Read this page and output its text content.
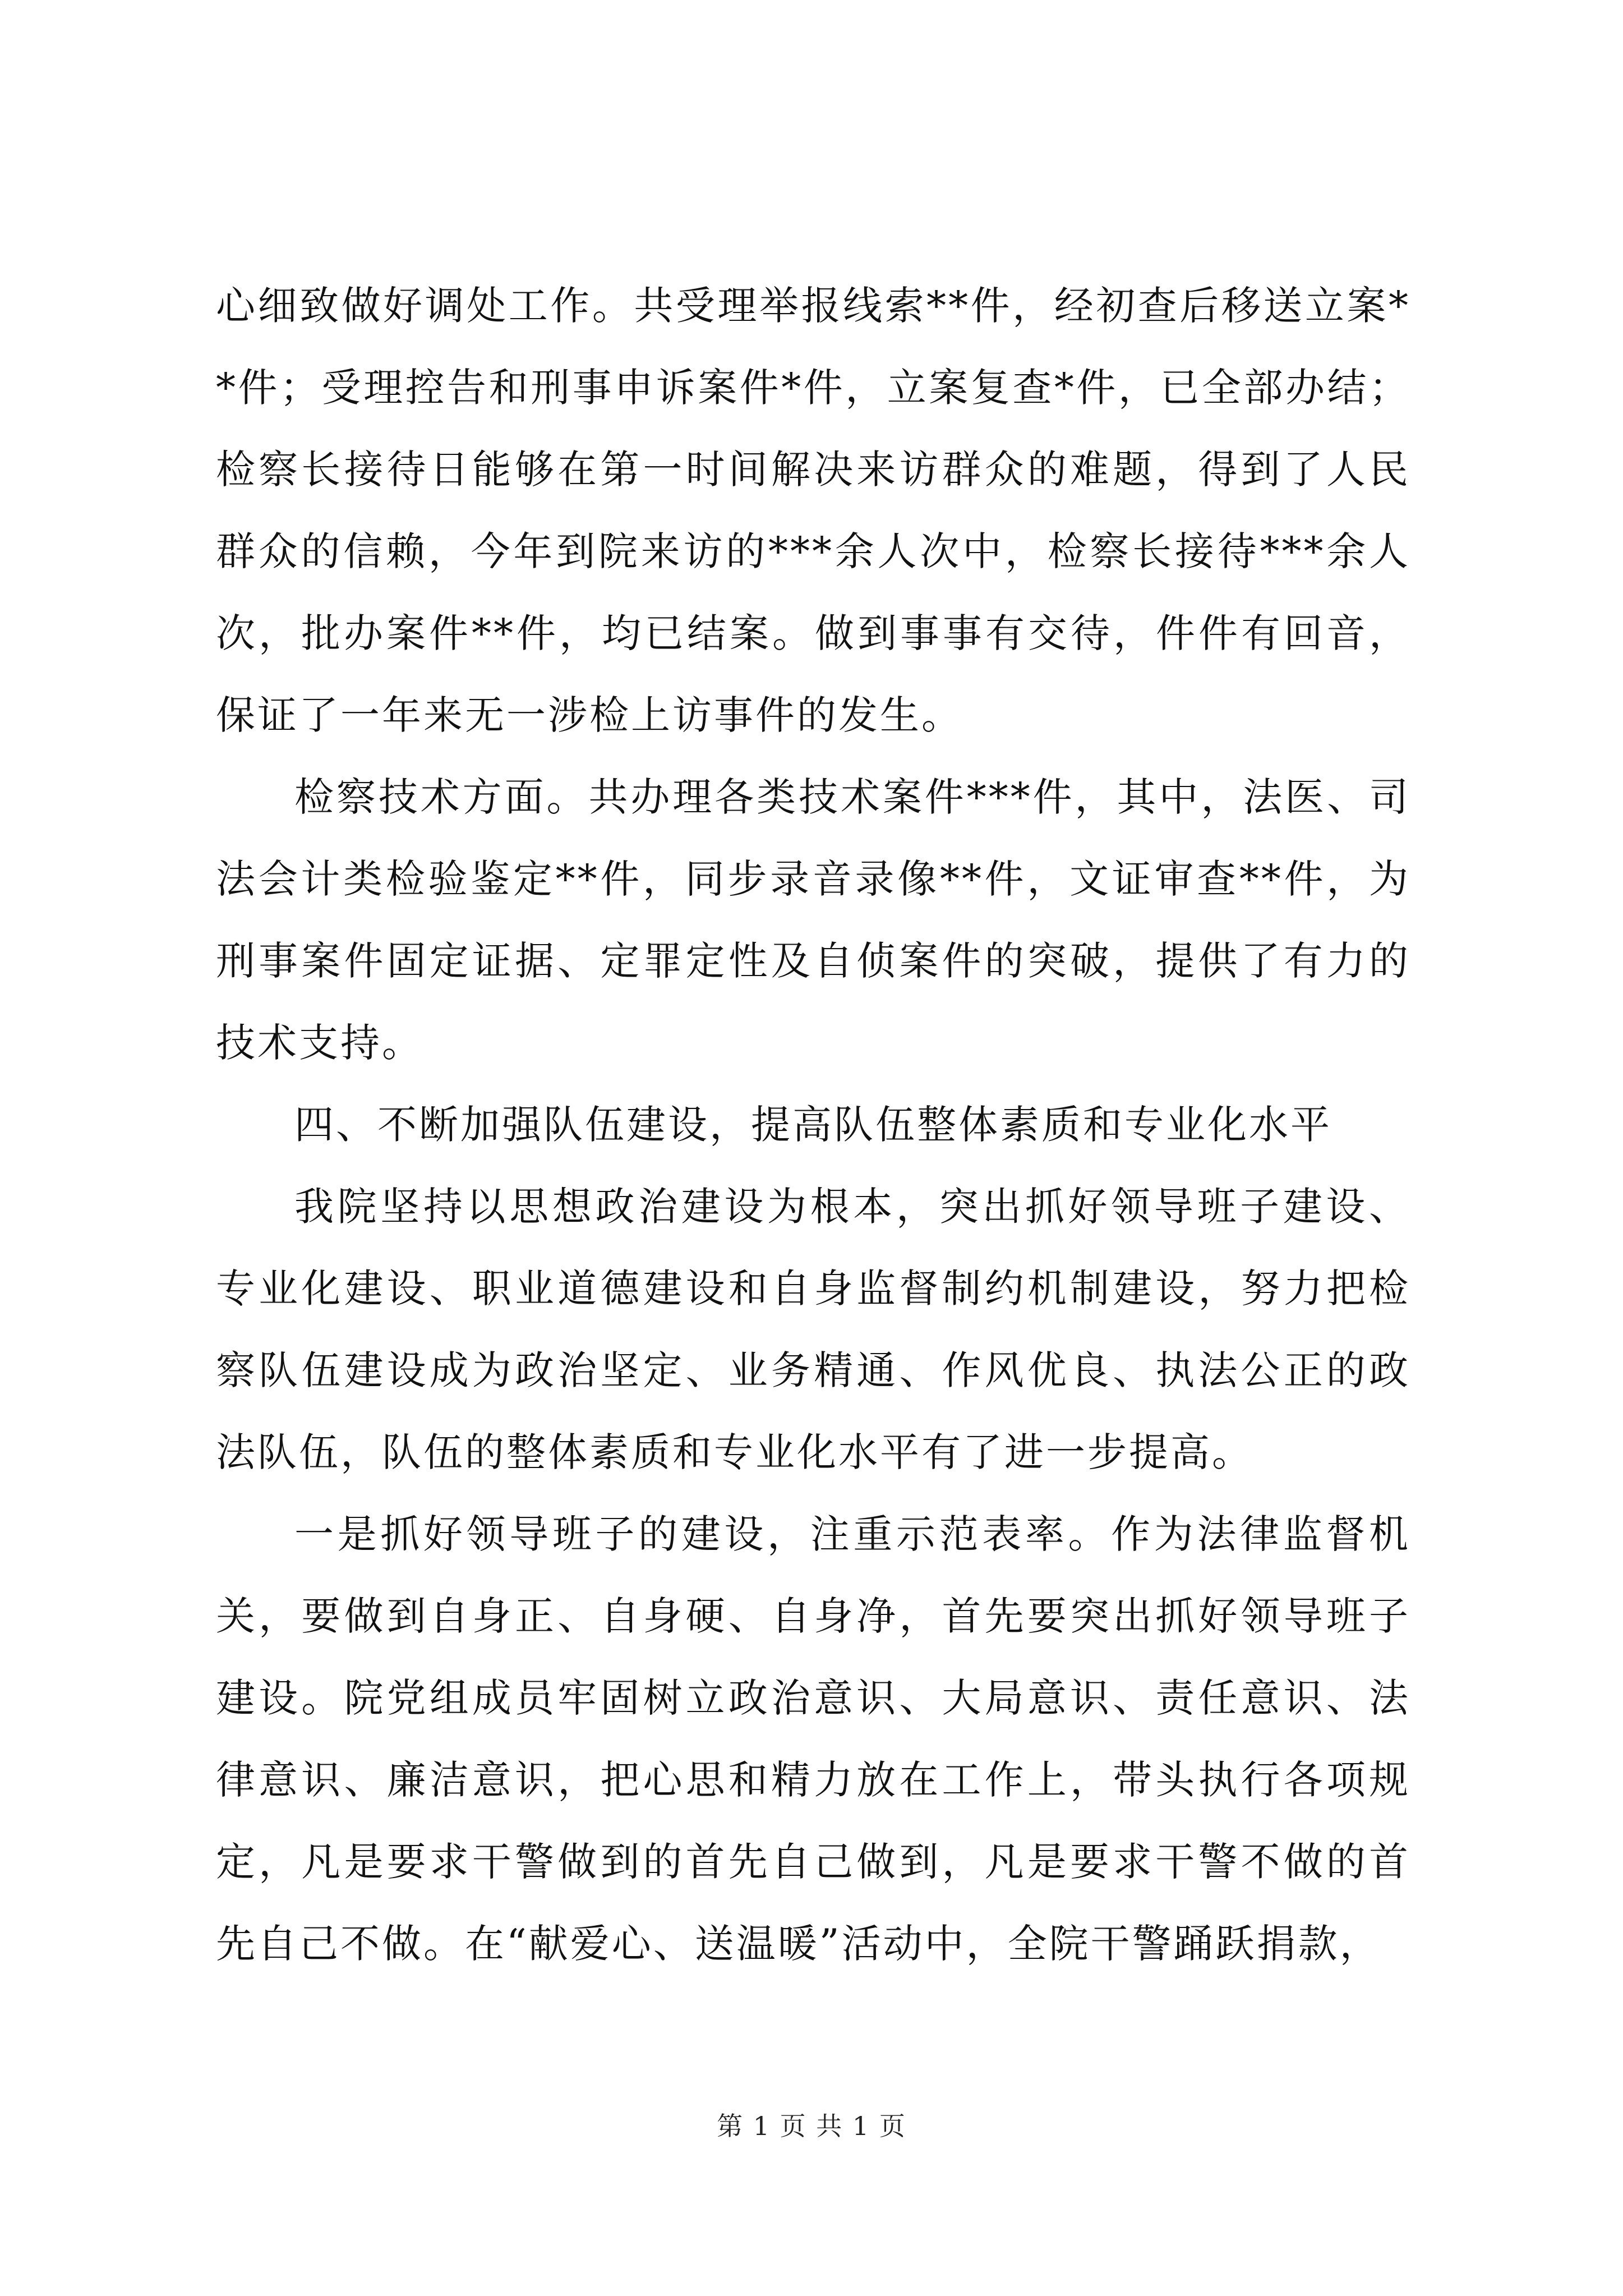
心细致做好调处工作。共受理举报线索**件，经初查后移送立案**件；受理控告和刑事申诉案件*件，立案复查*件，已全部办结；检察长接待日能够在第一时间解决来访群众的难题，得到了人民群众的信赖，今年到院来访的***余人次中，检察长接待***余人次，批办案件**件，均已结案。做到事事有交待，件件有回音，保证了一年来无一涉检上访事件的发生。

检察技术方面。共办理各类技术案件***件，其中，法医、司法会计类检验鉴定**件，同步录音录像**件，文证审查**件，为刑事案件固定证据、定罪定性及自侦案件的突破，提供了有力的技术支持。

四、不断加强队伍建设，提高队伍整体素质和专业化水平

我院坚持以思想政治建设为根本，突出抓好领导班子建设、专业化建设、职业道德建设和自身监督制约机制建设，努力把检察队伍建设成为政治坚定、业务精通、作风优良、执法公正的政法队伍，队伍的整体素质和专业化水平有了进一步提高。

一是抓好领导班子的建设，注重示范表率。作为法律监督机关，要做到自身正、自身硬、自身净，首先要突出抓好领导班子建设。院党组成员牢固树立政治意识、大局意识、责任意识、法律意识、廉洁意识，把心思和精力放在工作上，带头执行各项规定，凡是要求干警做到的首先自己做到，凡是要求干警不做的首先自己不做。在“献爱心、送温暖”活动中，全院干警踊跃捐款，

第 1 页 共 1 页
